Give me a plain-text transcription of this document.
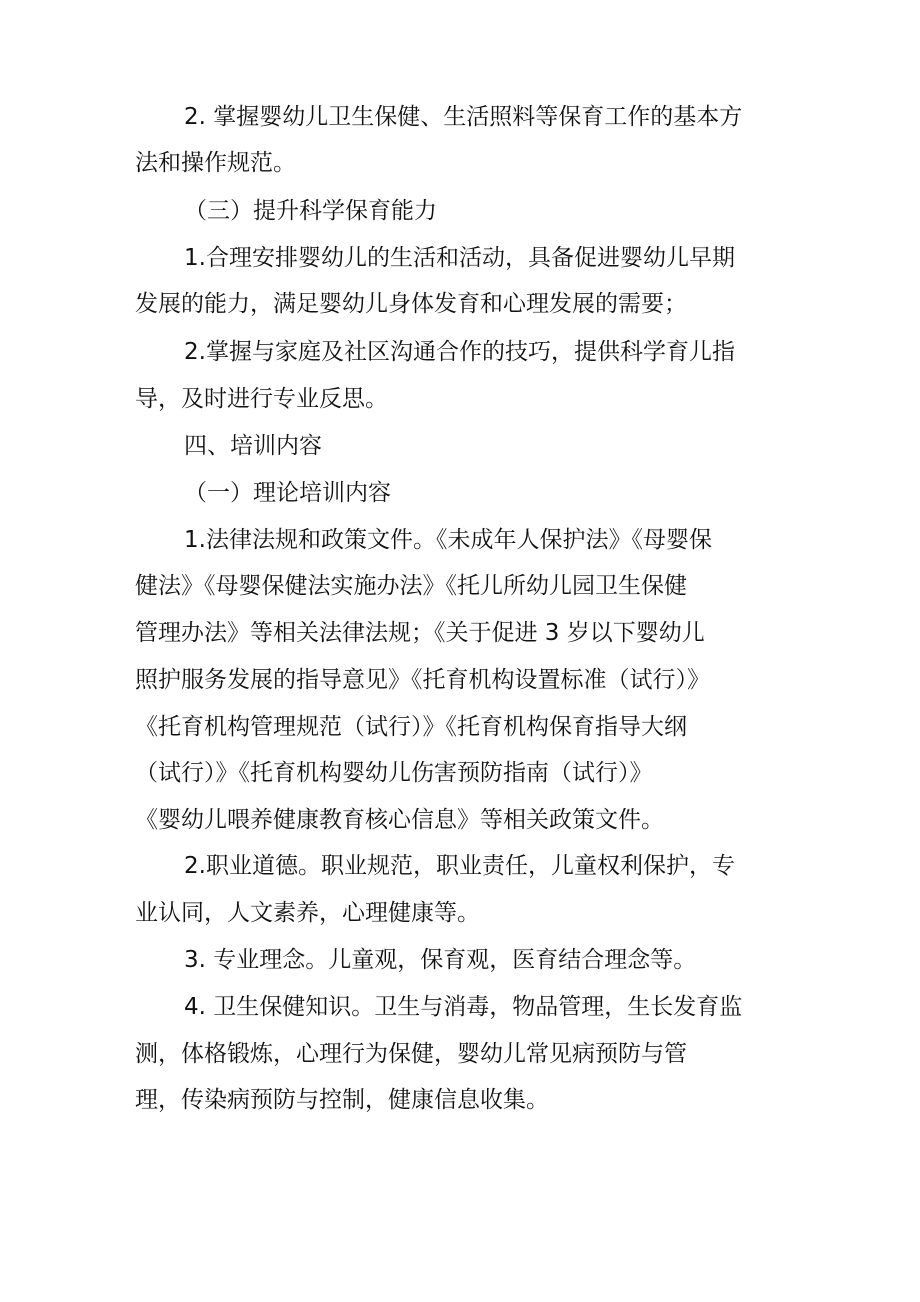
2. 掌握婴幼儿卫生保健、生活照料等保育工作的基本方
法和操作规范。
（三）提升科学保育能力
1.合理安排婴幼儿的生活和活动，具备促进婴幼儿早期
发展的能力，满足婴幼儿身体发育和心理发展的需要；
2.掌握与家庭及社区沟通合作的技巧，提供科学育儿指
导，及时进行专业反思。
四、培训内容
（一）理论培训内容
1.法律法规和政策文件。《未成年人保护法》《母婴保
健法》《母婴保健法实施办法》《托儿所幼儿园卫生保健
管理办法》等相关法律法规；《关于促进 3 岁以下婴幼儿
照护服务发展的指导意见》《托育机构设置标准（试行）》
《托育机构管理规范（试行）》《托育机构保育指导大纲
（试行）》《托育机构婴幼儿伤害预防指南（试行）》
《婴幼儿喂养健康教育核心信息》等相关政策文件。
2.职业道德。职业规范，职业责任，儿童权利保护，专
业认同，人文素养，心理健康等。
3. 专业理念。儿童观，保育观，医育结合理念等。
4. 卫生保健知识。卫生与消毒，物品管理，生长发育监
测，体格锻炼，心理行为保健，婴幼儿常见病预防与管
理，传染病预防与控制，健康信息收集。
